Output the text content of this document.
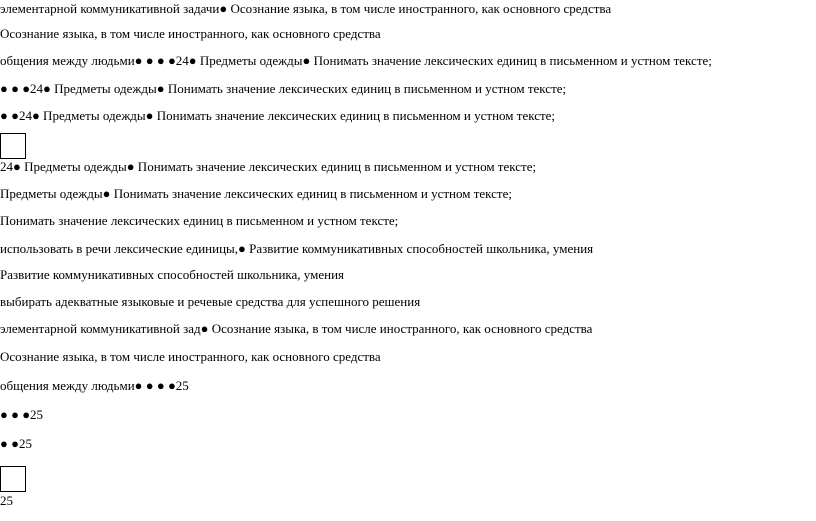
элементарной коммуникативной задачи● Осознание языка, в том числе иностранного, как основного средства
Осознание языка, в том числе иностранного, как основного средства
общения между людьми● ● ● ●24● Предметы одежды● Понимать значение лексических единиц в письменном и устном тексте;
● ● ●24● Предметы одежды● Понимать значение лексических единиц в письменном и устном тексте;
● ●24● Предметы одежды● Понимать значение лексических единиц в письменном и устном тексте;
24● Предметы одежды● Понимать значение лексических единиц в письменном и устном тексте;
Предметы одежды● Понимать значение лексических единиц в письменном и устном тексте;
Понимать значение лексических единиц в письменном и устном тексте;
использовать в речи лексические единицы,● Развитие коммуникативных способностей школьника, умения
Развитие коммуникативных способностей школьника, умения
выбирать адекватные языковые и речевые средства для успешного решения
элементарной коммуникативной зад● Осознание языка, в том числе иностранного, как основного средства
Осознание языка, в том числе иностранного, как основного средства
общения между людьми● ● ● ●25
● ● ●25
● ●25
25
